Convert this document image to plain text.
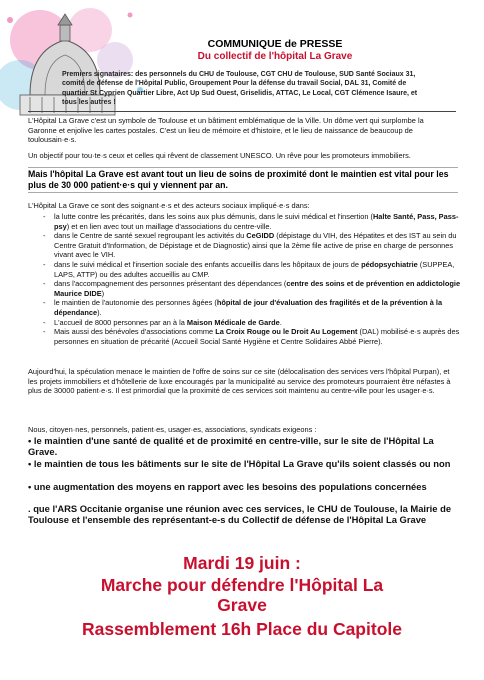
COMMUNIQUE de PRESSE
Du collectif de l'hôpital La Grave
Premiers signataires: des personnels du CHU de Toulouse, CGT CHU de Toulouse, SUD Santé Sociaux 31, comité de défense de l'Hôpital Public, Groupement Pour la défense du travail Social, DAL 31, Comité de quartier St Cyprien Quartier Libre, Act Up Sud Ouest, Griselidis, ATTAC, Le Local, CGT Clémence Isaure, et tous les autres !
L'Hôpital La Grave c'est un symbole de Toulouse et un bâtiment emblématique de la Ville. Un dôme vert qui surplombe la Garonne et enjolive les cartes postales. C'est un lieu de mémoire et d'histoire, et le lieu de naissance de beaucoup de toulousain·e·s.
Un objectif pour tou·te·s ceux et celles qui rêvent de classement UNESCO. Un rêve pour les promoteurs immobiliers.
Mais l'hôpital La Grave est avant tout un lieu de soins de proximité dont le maintien est vital pour les plus de 30 000 patient·e·s qui y viennent par an.
L'Hôpital La Grave ce sont des soignant·e·s et des acteurs sociaux impliqué·e·s dans:
- la lutte contre les précarités, dans les soins aux plus démunis, dans le suivi médical et l'insertion (Halte Santé, Pass, Pass-psy) et en lien avec tout un maillage d'associations du centre-ville.
- dans le Centre de santé sexuel regroupant les activités du CeGIDD (dépistage du VIH, des Hépatites et des IST au sein du Centre Gratuit d'Information, de Dépistage et de Diagnostic) ainsi que la 2ème file active de prise en charge de personnes vivant avec le VIH.
- dans le suivi médical et l'insertion sociale des enfants accueillis dans les hôpitaux de jours de pédopsychiatrie (SUPPEA, LAPS, ATTP) ou des adultes accueillis au CMP.
- dans l'accompagnement des personnes présentant des dépendances (centre des soins et de prévention en addictologie Maurice DIDE)
- le maintien de l'autonomie des personnes âgées (hôpital de jour d'évaluation des fragilités et de la prévention à la dépendance).
- L'accueil de 8000 personnes par an à la Maison Médicale de Garde.
- Mais aussi des bénévoles d'associations comme La Croix Rouge ou le Droit Au Logement (DAL) mobilisé·e·s auprès des personnes en situation de précarité (Accueil Social Santé Hygiène et Centre Solidaires Abbé Pierre).
Aujourd'hui, la spéculation menace le maintien de l'offre de soins sur ce site (délocalisation des services vers l'hôpital Purpan), et les projets immobiliers et d'hôtellerie de luxe encouragés par la municipalité au service des promoteurs pourraient être néfastes à plus de 30000 patient·e·s. Il est primordial que la proximité de ces services soit maintenu au centre-ville pour les usager·e·s.
Nous, citoyen·nes, personnels, patient·es, usager·es, associations, syndicats exigeons :
• le maintien d'une santé de qualité et de proximité en centre-ville, sur le site de l'Hôpital La Grave.
• le maintien de tous les bâtiments sur le site de l'Hôpital La Grave qu'ils soient classés ou non
• une augmentation des moyens en rapport avec les besoins des populations concernées
. que l'ARS Occitanie organise une réunion avec ces services, le CHU de Toulouse, la Mairie de Toulouse et l'ensemble des représentant-e-s du Collectif de défense de l'Hôpital La Grave
Mardi 19 juin :
Marche pour défendre l'Hôpital La Grave
Rassemblement 16h Place du Capitole
